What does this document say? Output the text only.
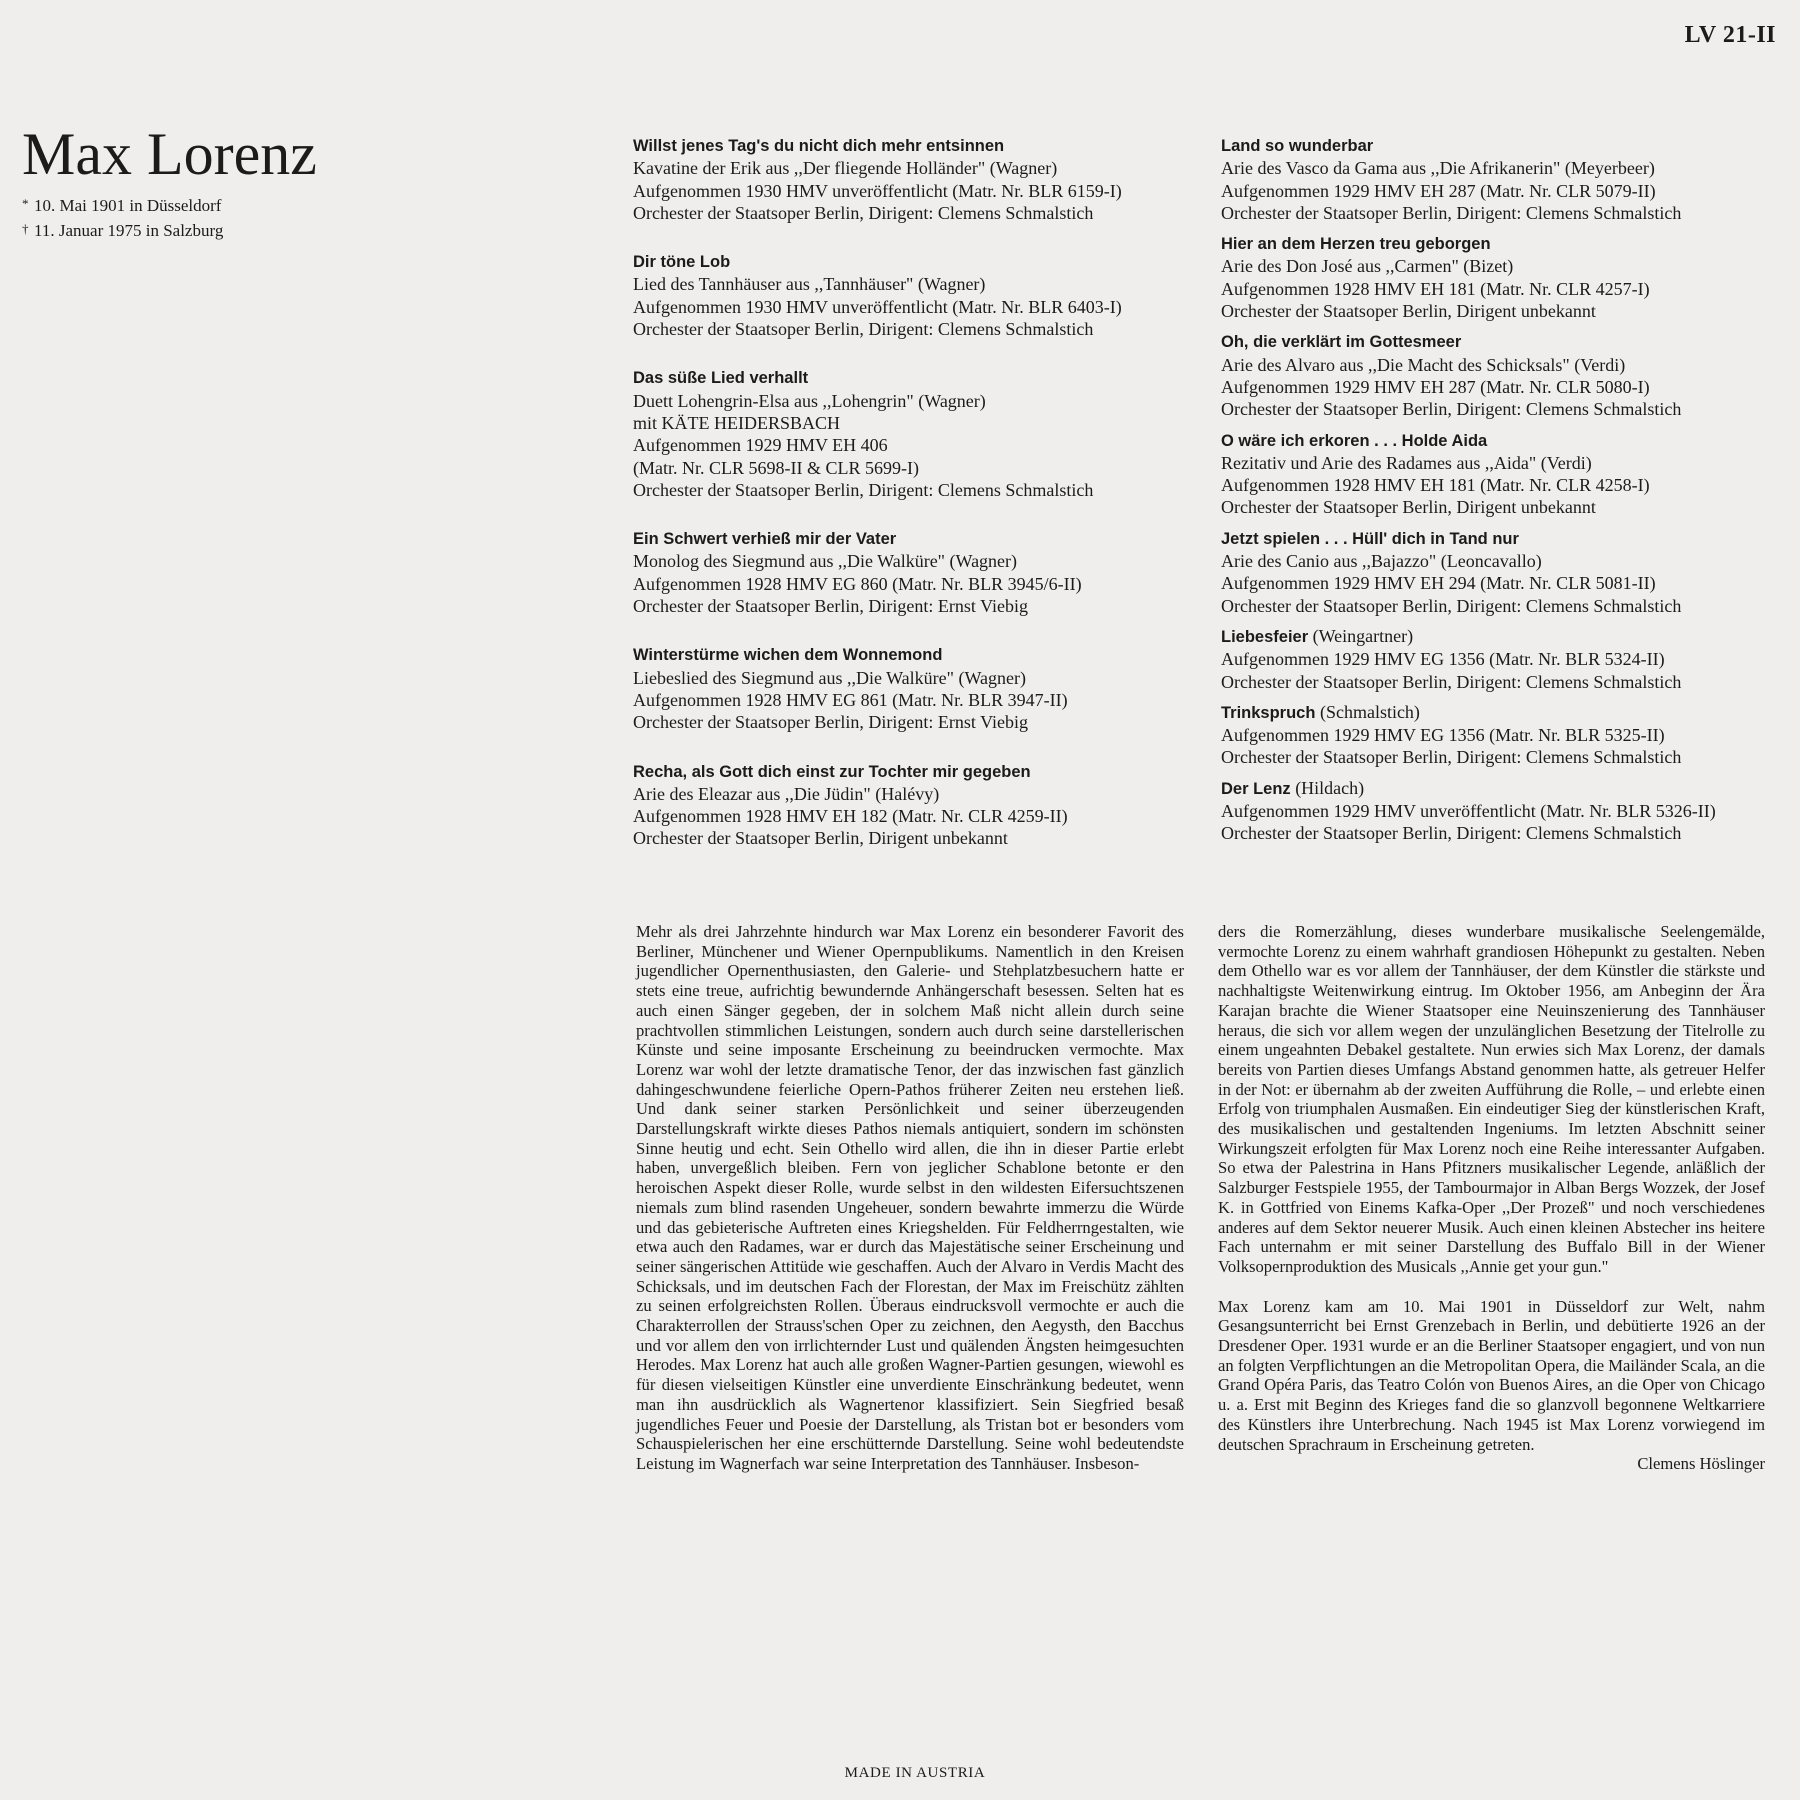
LV 21-II
Max Lorenz
* 10. Mai 1901 in Düsseldorf
† 11. Januar 1975 in Salzburg
Willst jenes Tag's du nicht dich mehr entsinnen
Kavatine der Erik aus ,,Der fliegende Holländer" (Wagner)
Aufgenommen 1930 HMV unveröffentlicht (Matr. Nr. BLR 6159-I)
Orchester der Staatsoper Berlin, Dirigent: Clemens Schmalstich
Dir töne Lob
Lied des Tannhäuser aus ,,Tannhäuser" (Wagner)
Aufgenommen 1930 HMV unveröffentlicht (Matr. Nr. BLR 6403-I)
Orchester der Staatsoper Berlin, Dirigent: Clemens Schmalstich
Das süße Lied verhallt
Duett Lohengrin-Elsa aus ,,Lohengrin" (Wagner)
mit KÄTE HEIDERSBACH
Aufgenommen 1929 HMV EH 406
(Matr. Nr. CLR 5698-II & CLR 5699-I)
Orchester der Staatsoper Berlin, Dirigent: Clemens Schmalstich
Ein Schwert verhieß mir der Vater
Monolog des Siegmund aus ,,Die Walküre" (Wagner)
Aufgenommen 1928 HMV EG 860 (Matr. Nr. BLR 3945/6-II)
Orchester der Staatsoper Berlin, Dirigent: Ernst Viebig
Winterstürme wichen dem Wonnemond
Liebeslied des Siegmund aus ,,Die Walküre" (Wagner)
Aufgenommen 1928 HMV EG 861 (Matr. Nr. BLR 3947-II)
Orchester der Staatsoper Berlin, Dirigent: Ernst Viebig
Recha, als Gott dich einst zur Tochter mir gegeben
Arie des Eleazar aus ,,Die Jüdin" (Halévy)
Aufgenommen 1928 HMV EH 182 (Matr. Nr. CLR 4259-II)
Orchester der Staatsoper Berlin, Dirigent unbekannt
Land so wunderbar
Arie des Vasco da Gama aus ,,Die Afrikanerin" (Meyerbeer)
Aufgenommen 1929 HMV EH 287 (Matr. Nr. CLR 5079-II)
Orchester der Staatsoper Berlin, Dirigent: Clemens Schmalstich
Hier an dem Herzen treu geborgen
Arie des Don José aus ,,Carmen" (Bizet)
Aufgenommen 1928 HMV EH 181 (Matr. Nr. CLR 4257-I)
Orchester der Staatsoper Berlin, Dirigent unbekannt
Oh, die verklärt im Gottesmeer
Arie des Alvaro aus ,,Die Macht des Schicksals" (Verdi)
Aufgenommen 1929 HMV EH 287 (Matr. Nr. CLR 5080-I)
Orchester der Staatsoper Berlin, Dirigent: Clemens Schmalstich
O wäre ich erkoren . . . Holde Aida
Rezitativ und Arie des Radames aus ,,Aida" (Verdi)
Aufgenommen 1928 HMV EH 181 (Matr. Nr. CLR 4258-I)
Orchester der Staatsoper Berlin, Dirigent unbekannt
Jetzt spielen . . . Hüll' dich in Tand nur
Arie des Canio aus ,,Bajazzo" (Leoncavallo)
Aufgenommen 1929 HMV EH 294 (Matr. Nr. CLR 5081-II)
Orchester der Staatsoper Berlin, Dirigent: Clemens Schmalstich
Liebesfeier (Weingartner)
Aufgenommen 1929 HMV EG 1356 (Matr. Nr. BLR 5324-II)
Orchester der Staatsoper Berlin, Dirigent: Clemens Schmalstich
Trinkspruch (Schmalstich)
Aufgenommen 1929 HMV EG 1356 (Matr. Nr. BLR 5325-II)
Orchester der Staatsoper Berlin, Dirigent: Clemens Schmalstich
Der Lenz (Hildach)
Aufgenommen 1929 HMV unveröffentlicht (Matr. Nr. BLR 5326-II)
Orchester der Staatsoper Berlin, Dirigent: Clemens Schmalstich

Mehr als drei Jahrzehnte hindurch war Max Lorenz ein besonderer Favorit des Berliner, Münchener und Wiener Opernpublikums. Namentlich in den Kreisen jugendlicher Opernenthusiasten, den Galerie- und Stehplatzbesuchern hatte er stets eine treue, aufrichtig bewundernde Anhängerschaft besessen. Selten hat es auch einen Sänger gegeben, der in solchem Maß nicht allein durch seine prachtvollen stimmlichen Leistungen, sondern auch durch seine darstellerischen Künste und seine imposante Erscheinung zu beeindrucken vermochte. Max Lorenz war wohl der letzte dramatische Tenor, der das inzwischen fast gänzlich dahingeschwundene feierliche Opern-Pathos früherer Zeiten neu erstehen ließ. Und dank seiner starken Persönlichkeit und seiner überzeugenden Darstellungskraft wirkte dieses Pathos niemals antiquiert, sondern im schönsten Sinne heutig und echt. Sein Othello wird allen, die ihn in dieser Partie erlebt haben, unvergeßlich bleiben. Fern von jeglicher Schablone betonte er den heroischen Aspekt dieser Rolle, wurde selbst in den wildesten Eifersuchtszenen niemals zum blind rasenden Ungeheuer, sondern bewahrte immerzu die Würde und das gebieterische Auftreten eines Kriegshelden. Für Feldherrngestalten, wie etwa auch den Radames, war er durch das Majestätische seiner Erscheinung und seiner sängerischen Attitüde wie geschaffen. Auch der Alvaro in Verdis Macht des Schicksals, und im deutschen Fach der Florestan, der Max im Freischütz zählten zu seinen erfolgreichsten Rollen. Überaus eindrucksvoll vermochte er auch die Charakterrollen der Strauss'schen Oper zu zeichnen, den Aegysth, den Bacchus und vor allem den von irrlichternder Lust und quälenden Ängsten heimgesuchten Herodes. Max Lorenz hat auch alle großen Wagner-Partien gesungen, wiewohl es für diesen vielseitigen Künstler eine unverdiente Einschränkung bedeutet, wenn man ihn ausdrücklich als Wagnertenor klassifiziert. Sein Siegfried besaß jugendliches Feuer und Poesie der Darstellung, als Tristan bot er besonders vom Schauspielerischen her eine erschütternde Darstellung. Seine wohl bedeutendste Leistung im Wagnerfach war seine Interpretation des Tannhäuser. Insbeson-

ders die Romerzählung, dieses wunderbare musikalische Seelengemälde, vermochte Lorenz zu einem wahrhaft grandiosen Höhepunkt zu gestalten. Neben dem Othello war es vor allem der Tannhäuser, der dem Künstler die stärkste und nachhaltigste Weitenwirkung eintrug. Im Oktober 1956, am Anbeginn der Ära Karajan brachte die Wiener Staatsoper eine Neuinszenierung des Tannhäuser heraus, die sich vor allem wegen der unzulänglichen Besetzung der Titelrolle zu einem ungeahnten Debakel gestaltete. Nun erwies sich Max Lorenz, der damals bereits von Partien dieses Umfangs Abstand genommen hatte, als getreuer Helfer in der Not: er übernahm ab der zweiten Aufführung die Rolle, – und erlebte einen Erfolg von triumphalen Ausmaßen. Ein eindeutiger Sieg der künstlerischen Kraft, des musikalischen und gestaltenden Ingeniums. Im letzten Abschnitt seiner Wirkungszeit erfolgten für Max Lorenz noch eine Reihe interessanter Aufgaben. So etwa der Palestrina in Hans Pfitzners musikalischer Legende, anläßlich der Salzburger Festspiele 1955, der Tambourmajor in Alban Bergs Wozzek, der Josef K. in Gottfried von Einems Kafka-Oper ,,Der Prozeß" und noch verschiedenes anderes auf dem Sektor neuerer Musik. Auch einen kleinen Abstecher ins heitere Fach unternahm er mit seiner Darstellung des Buffalo Bill in der Wiener Volksopernproduktion des Musicals ,,Annie get your gun."

Max Lorenz kam am 10. Mai 1901 in Düsseldorf zur Welt, nahm Gesangsunterricht bei Ernst Grenzebach in Berlin, und debütierte 1926 an der Dresdener Oper. 1931 wurde er an die Berliner Staatsoper engagiert, und von nun an folgten Verpflichtungen an die Metropolitan Opera, die Mailänder Scala, an die Grand Opéra Paris, das Teatro Colón von Buenos Aires, an die Oper von Chicago u. a. Erst mit Beginn des Krieges fand die so glanzvoll begonnene Weltkarriere des Künstlers ihre Unterbrechung. Nach 1945 ist Max Lorenz vorwiegend im deutschen Sprachraum in Erscheinung getreten.

Clemens Höslinger
MADE IN AUSTRIA
